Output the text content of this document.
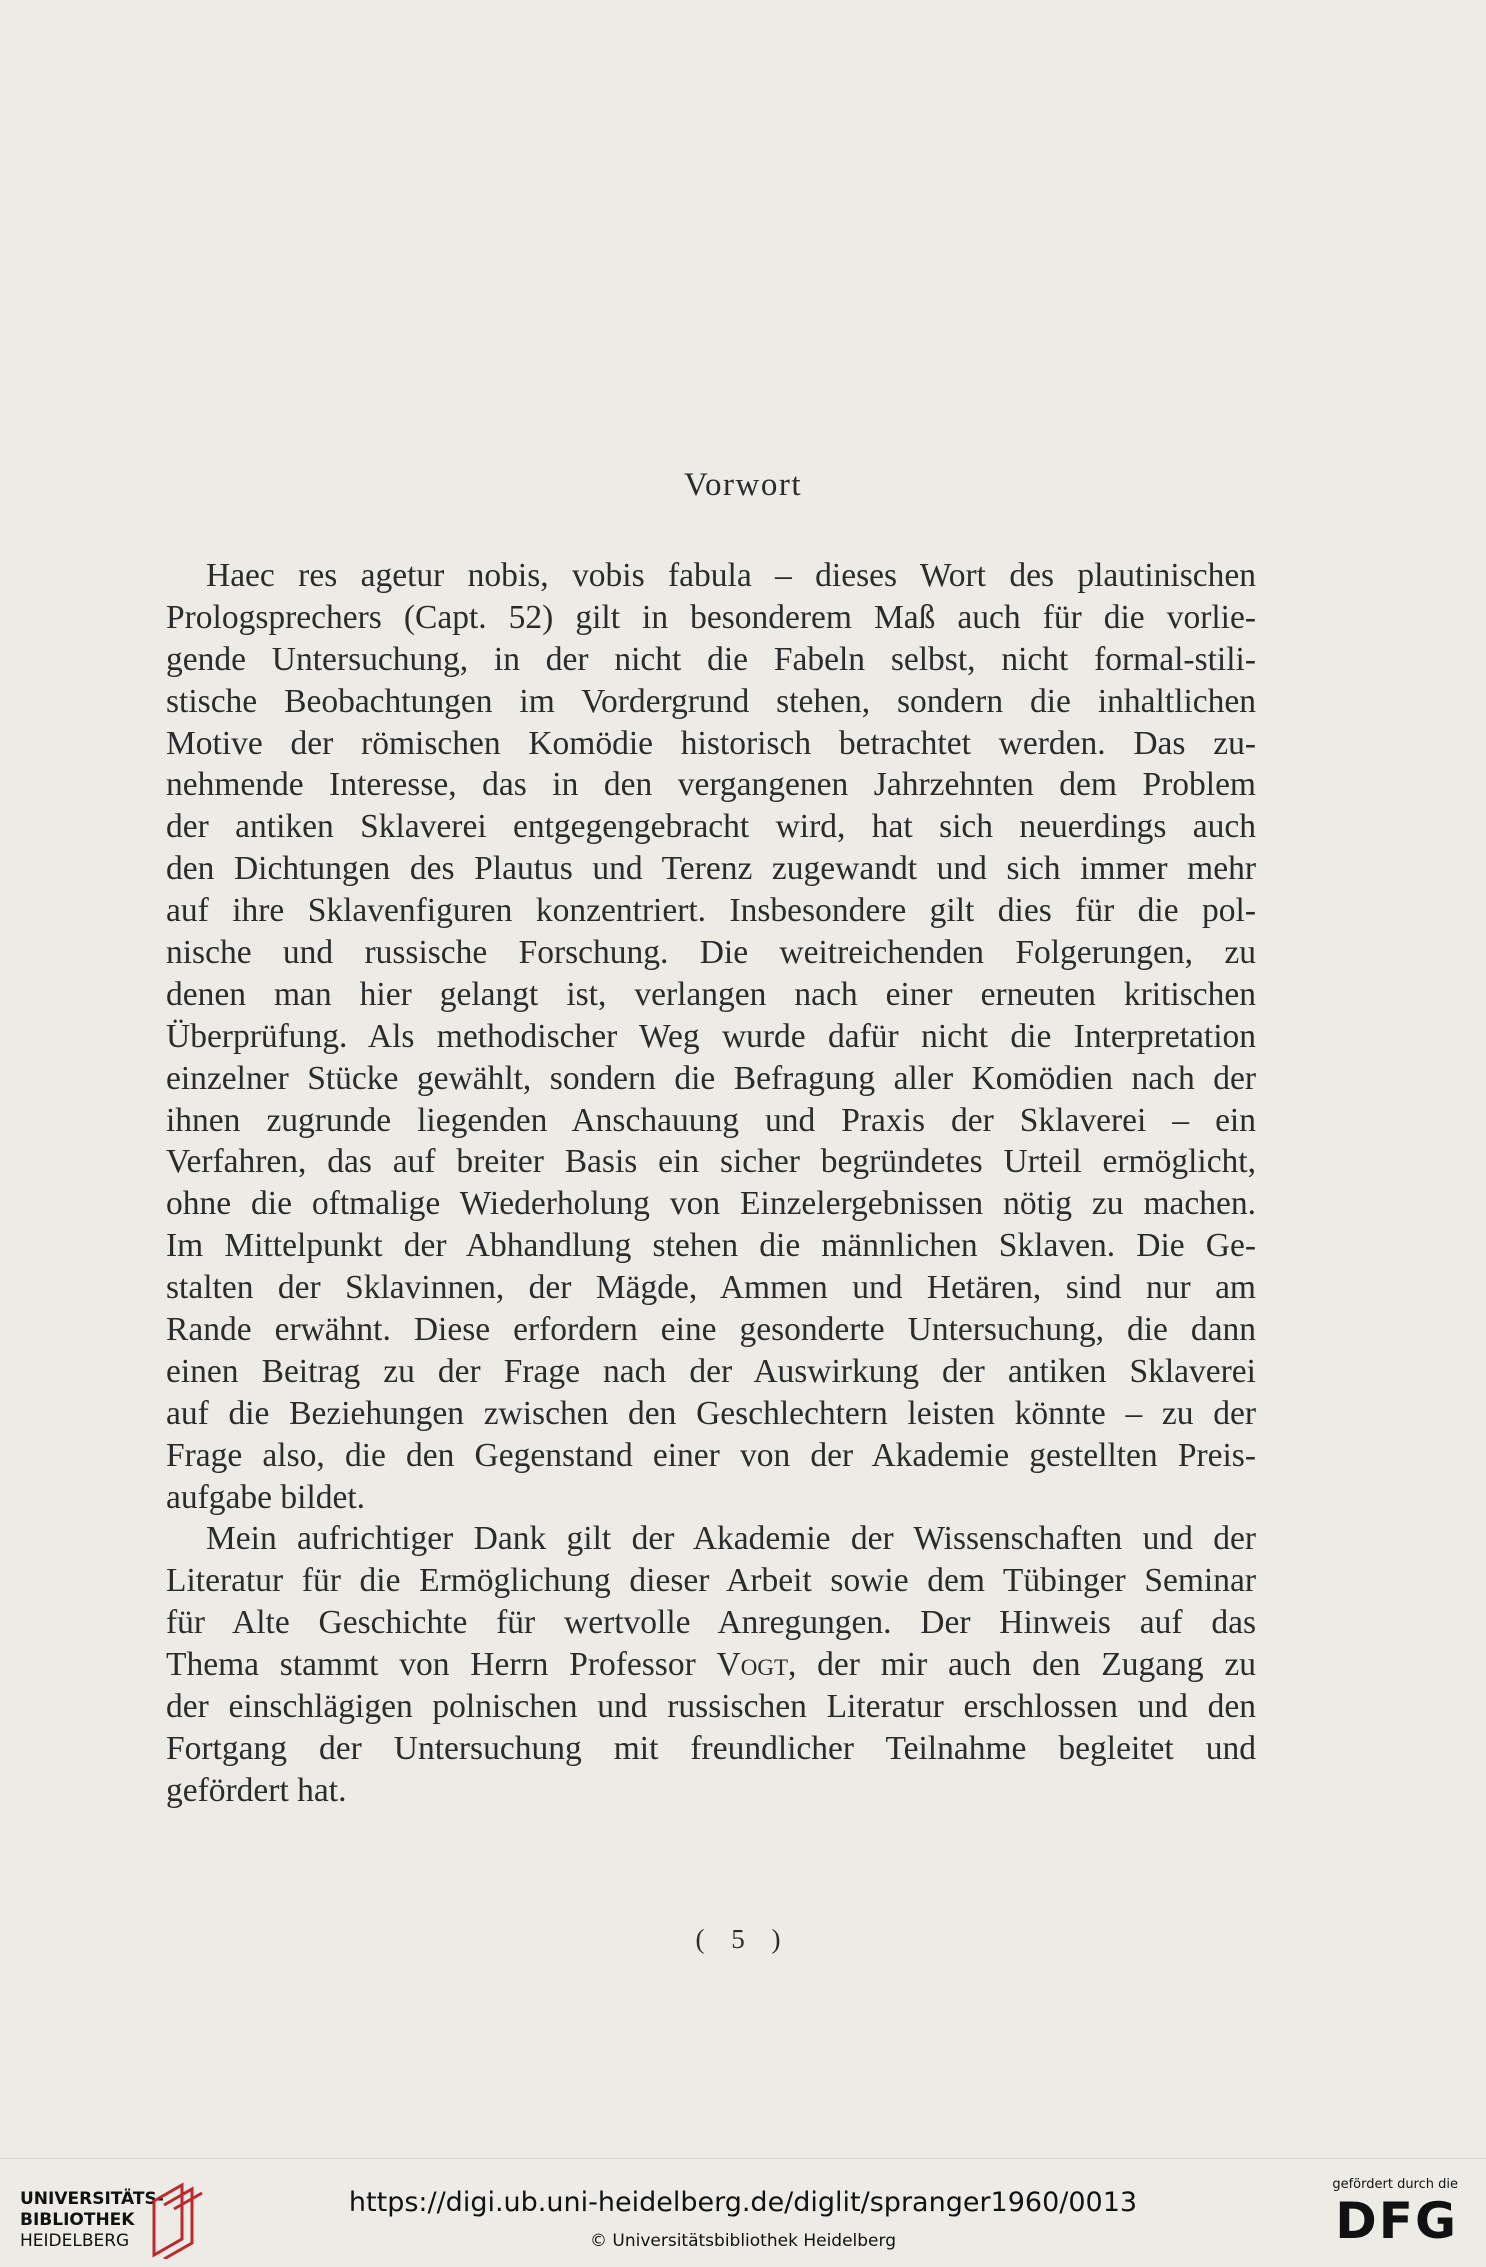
Vorwort
Haec res agetur nobis, vobis fabula – dieses Wort des plautinischen
Prologsprechers (Capt. 52) gilt in besonderem Maß auch für die vorlie-
gende Untersuchung, in der nicht die Fabeln selbst, nicht formal-stili-
stische Beobachtungen im Vordergrund stehen, sondern die inhaltlichen
Motive der römischen Komödie historisch betrachtet werden. Das zu-
nehmende Interesse, das in den vergangenen Jahrzehnten dem Problem
der antiken Sklaverei entgegengebracht wird, hat sich neuerdings auch
den Dichtungen des Plautus und Terenz zugewandt und sich immer mehr
auf ihre Sklavenfiguren konzentriert. Insbesondere gilt dies für die pol-
nische und russische Forschung. Die weitreichenden Folgerungen, zu
denen man hier gelangt ist, verlangen nach einer erneuten kritischen
Überprüfung. Als methodischer Weg wurde dafür nicht die Interpretation
einzelner Stücke gewählt, sondern die Befragung aller Komödien nach der
ihnen zugrunde liegenden Anschauung und Praxis der Sklaverei – ein
Verfahren, das auf breiter Basis ein sicher begründetes Urteil ermöglicht,
ohne die oftmalige Wiederholung von Einzelergebnissen nötig zu machen.
Im Mittelpunkt der Abhandlung stehen die männlichen Sklaven. Die Ge-
stalten der Sklavinnen, der Mägde, Ammen und Hetären, sind nur am
Rande erwähnt. Diese erfordern eine gesonderte Untersuchung, die dann
einen Beitrag zu der Frage nach der Auswirkung der antiken Sklaverei
auf die Beziehungen zwischen den Geschlechtern leisten könnte – zu der
Frage also, die den Gegenstand einer von der Akademie gestellten Preis-
aufgabe bildet.
Mein aufrichtiger Dank gilt der Akademie der Wissenschaften und der
Literatur für die Ermöglichung dieser Arbeit sowie dem Tübinger Seminar
für Alte Geschichte für wertvolle Anregungen. Der Hinweis auf das
Thema stammt von Herrn Professor Vogt, der mir auch den Zugang zu
der einschlägigen polnischen und russischen Literatur erschlossen und den
Fortgang der Untersuchung mit freundlicher Teilnahme begleitet und
gefördert hat.
( 5 )
UNIVERSITÄTS-
BIBLIOTHEK
HEIDELBERG
https://digi.ub.uni-heidelberg.de/diglit/spranger1960/0013
© Universitätsbibliothek Heidelberg
gefördert durch die
DFG
